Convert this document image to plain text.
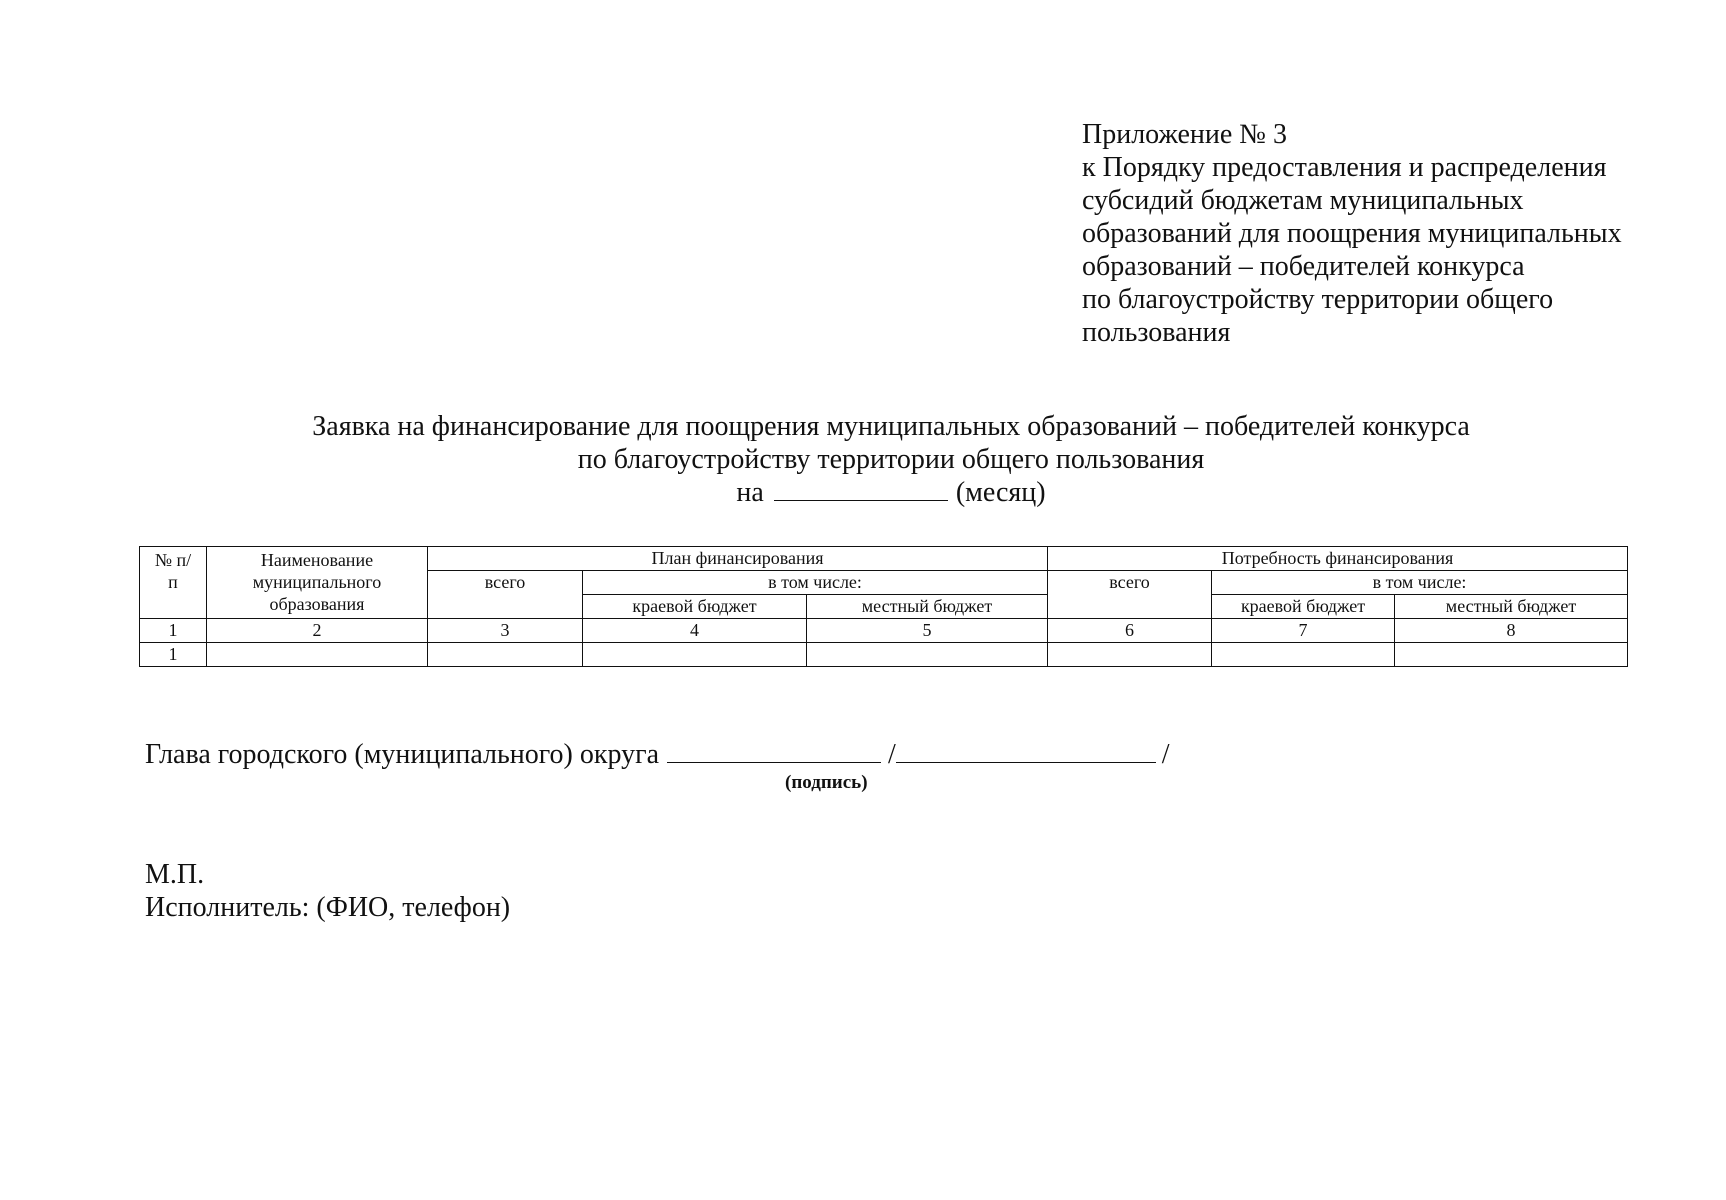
Приложение № 3
к Порядку предоставления и распределения
субсидий бюджетам муниципальных
образований для поощрения муниципальных
образований – победителей конкурса
по благоустройству территории общего
пользования
Заявка на финансирование для поощрения муниципальных образований – победителей конкурса
по благоустройству территории общего пользования
на	(месяц)
№ п/п	Наименование муниципального образования	План финансирования			Потребность финансирования		
		всего	в том числе:		всего	в том числе:	
			краевой бюджет	местный бюджет		краевой бюджет	местный бюджет
1	2	3	4	5	6	7	8
1							
Глава городского (муниципального) округа	/	/
(подпись)
М.П.
Исполнитель: (ФИО, телефон)
